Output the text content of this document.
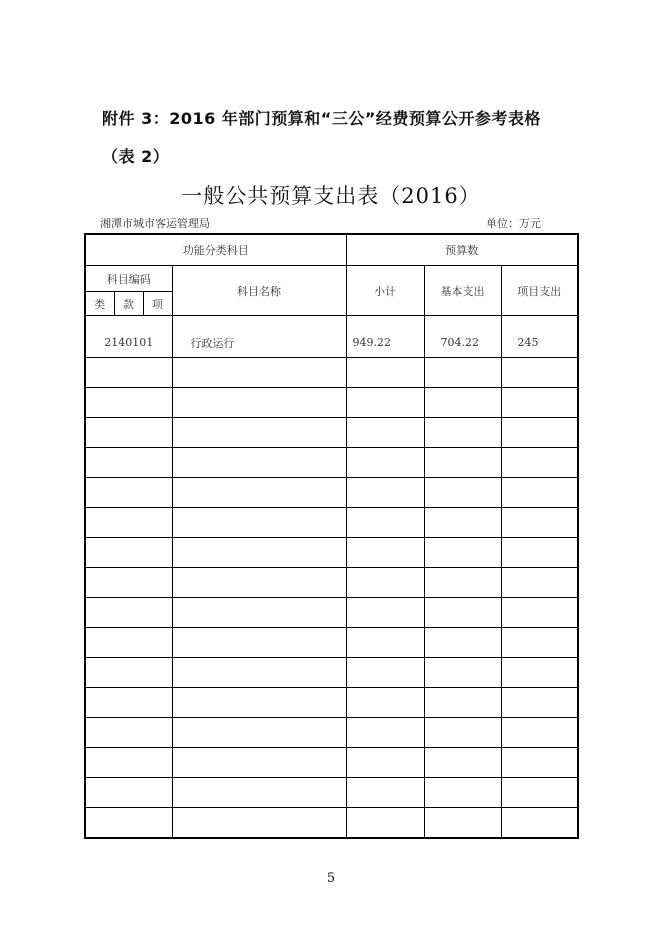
附件 3：2016 年部门预算和“三公”经费预算公开参考表格（表 2）
一般公共预算支出表（2016）
湘潭市城市客运管理局	单位：万元
功能分类科目				预算数		
科目编码			科目名称	小计	基本支出	项目支出
类	款	项				
2140101			行政运行	949.22	704.22	245

5
